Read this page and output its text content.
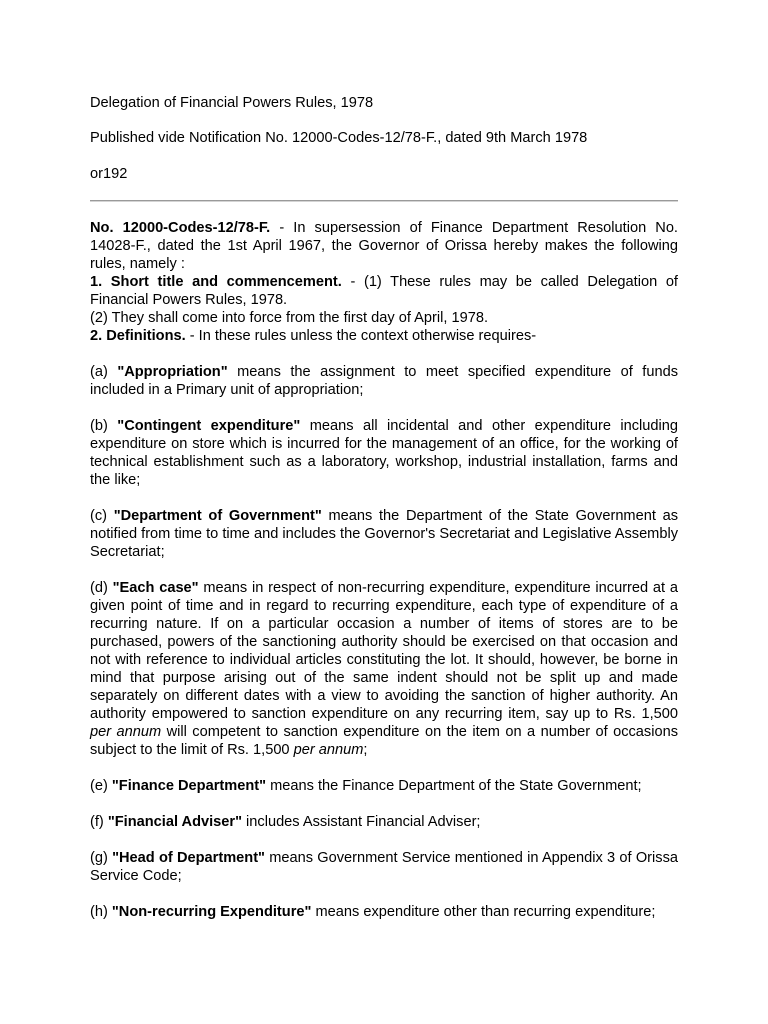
Delegation of Financial Powers Rules, 1978
Published vide Notification No. 12000-Codes-12/78-F., dated 9th March 1978
or192

No. 12000-Codes-12/78-F. - In supersession of Finance Department Resolution No. 14028-F., dated the 1st April 1967, the Governor of Orissa hereby makes the following rules, namely :

1. Short title and commencement. - (1) These rules may be called Delegation of Financial Powers Rules, 1978.

(2) They shall come into force from the first day of April, 1978.

2. Definitions. - In these rules unless the context otherwise requires-

(a) "Appropriation" means the assignment to meet specified expenditure of funds included in a Primary unit of appropriation;

(b) "Contingent expenditure" means all incidental and other expenditure including expenditure on store which is incurred for the management of an office, for the working of technical establishment such as a laboratory, workshop, industrial installation, farms and the like;

(c) "Department of Government" means the Department of the State Government as notified from time to time and includes the Governor's Secretariat and Legislative Assembly Secretariat;

(d) "Each case" means in respect of non-recurring expenditure, expenditure incurred at a given point of time and in regard to recurring expenditure, each type of expenditure of a recurring nature. If on a particular occasion a number of items of stores are to be purchased, powers of the sanctioning authority should be exercised on that occasion and not with reference to individual articles constituting the lot. It should, however, be borne in mind that purpose arising out of the same indent should not be split up and made separately on different dates with a view to avoiding the sanction of higher authority. An authority empowered to sanction expenditure on any recurring item, say up to Rs. 1,500 per annum will competent to sanction expenditure on the item on a number of occasions subject to the limit of Rs. 1,500 per annum;

(e) "Finance Department" means the Finance Department of the State Government;

(f) "Financial Adviser" includes Assistant Financial Adviser;

(g) "Head of Department" means Government Service mentioned in Appendix 3 of Orissa Service Code;

(h) "Non-recurring Expenditure" means expenditure other than recurring expenditure;
